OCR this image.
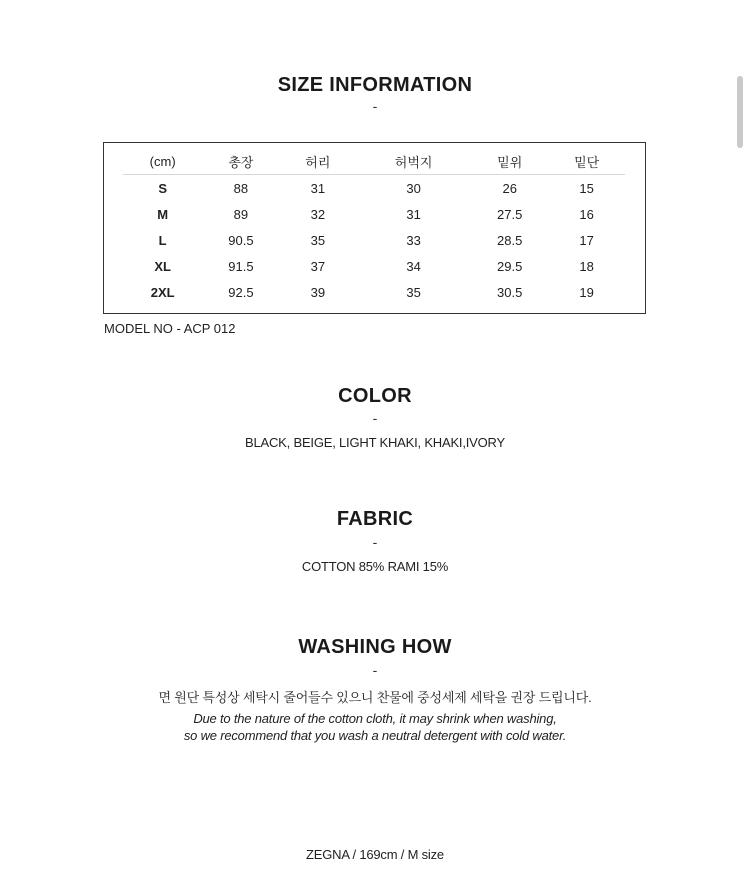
SIZE INFORMATION
-
(cm)	총장	허리	허벅지	밑위	밑단
S	88	31	30	26	15
M	89	32	31	27.5	16
L	90.5	35	33	28.5	17
XL	91.5	37	34	29.5	18
2XL	92.5	39	35	30.5	19
MODEL NO - ACP 012
COLOR
-
BLACK, BEIGE, LIGHT KHAKI, KHAKI,IVORY
FABRIC
-
COTTON 85% RAMI 15%
WASHING HOW
-
면 원단 특성상 세탁시 줄어들수 있으니 찬물에 중성세제 세탁을 권장 드립니다.
Due to the nature of the cotton cloth, it may shrink when washing,
so we recommend that you wash a neutral detergent with cold water.
ZEGNA / 169cm / M size
